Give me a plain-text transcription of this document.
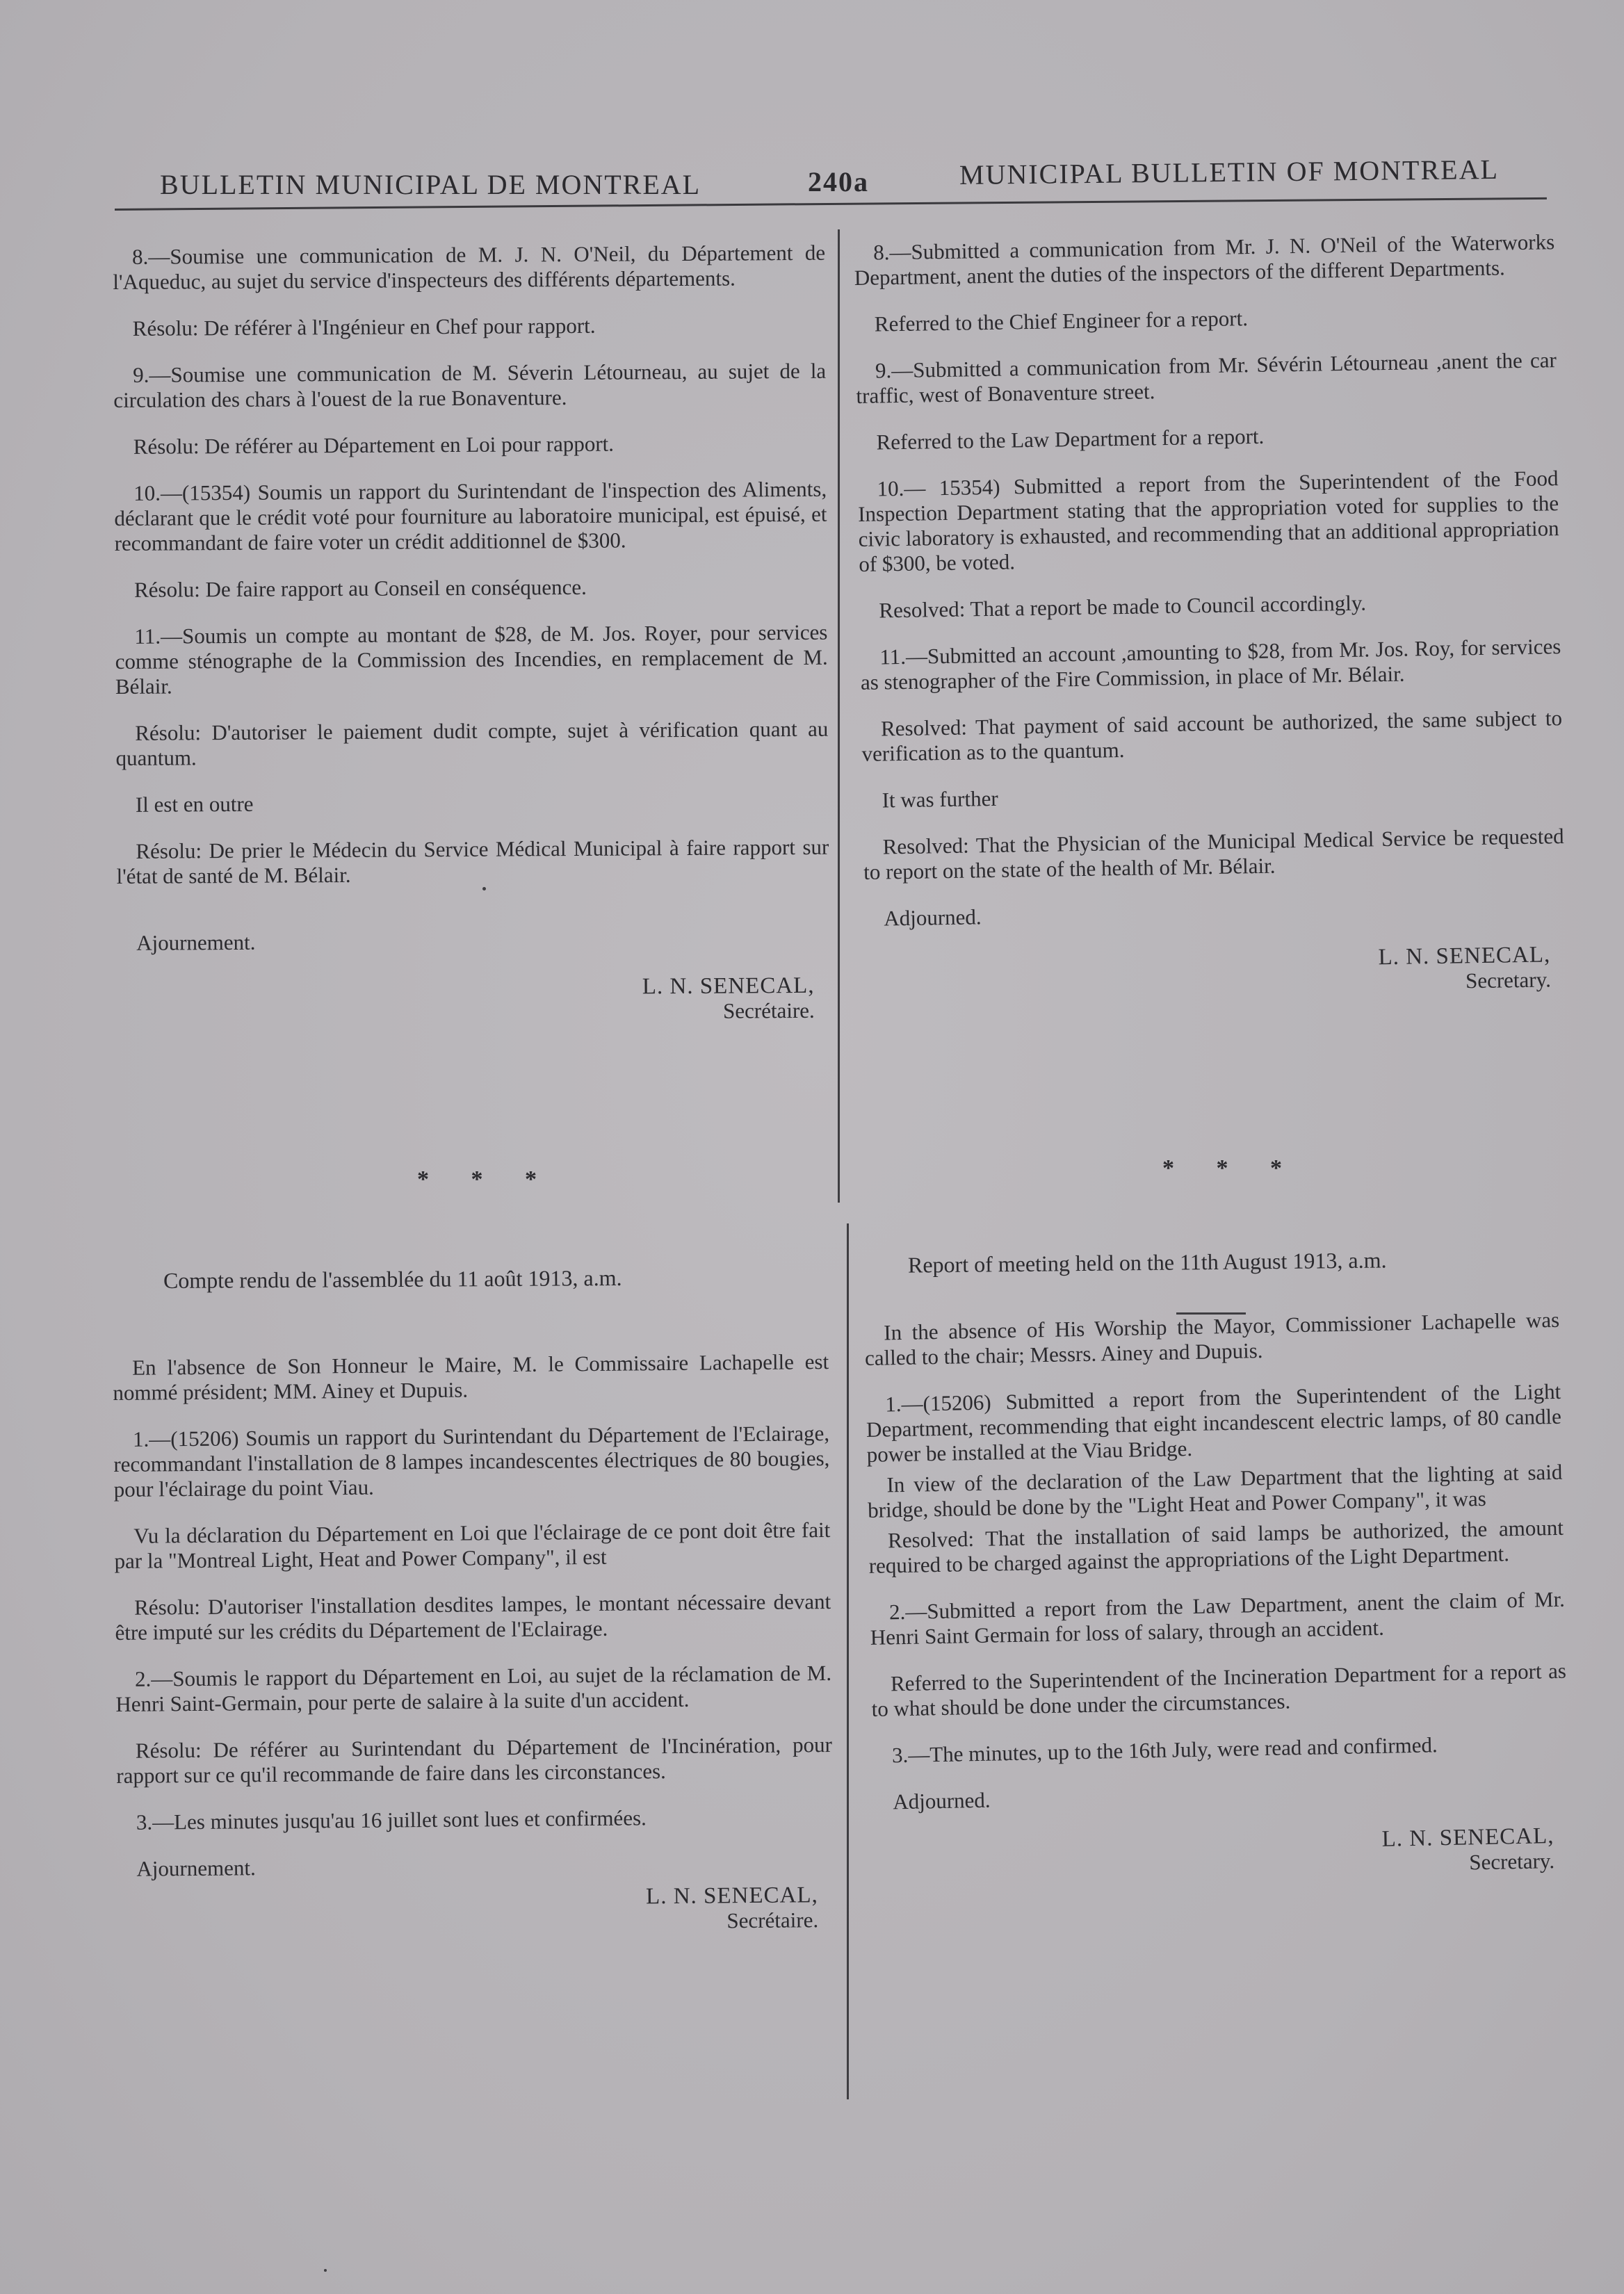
BULLETIN MUNICIPAL DE MONTREAL	240a	MUNICIPAL BULLETIN OF MONTREAL

8.—Soumise une communication de M. J. N. O'Neil, du Département de l'Aqueduc, au sujet du service d'inspecteurs des différents départements.

Résolu: De référer à l'Ingénieur en Chef pour rapport.

9.—Soumise une communication de M. Séverin Létourneau, au sujet de la circulation des chars à l'ouest de la rue Bonaventure.

Résolu: De référer au Département en Loi pour rapport.

10.—(15354) Soumis un rapport du Surintendant de l'inspection des Aliments, déclarant que le crédit voté pour fourniture au laboratoire municipal, est épuisé, et recommandant de faire voter un crédit additionnel de $300.

Résolu: De faire rapport au Conseil en conséquence.

11.—Soumis un compte au montant de $28, de M. Jos. Royer, pour services comme sténographe de la Commission des Incendies, en remplacement de M. Bélair.

Résolu: D'autoriser le paiement dudit compte, sujet à vérification quant au quantum.

Il est en outre

Résolu: De prier le Médecin du Service Médical Municipal à faire rapport sur l'état de santé de M. Bélair.

Ajournement.

L. N. SENECAL,
Secrétaire.

8.—Submitted a communication from Mr. J. N. O'Neil of the Waterworks Department, anent the duties of the inspectors of the different Departments.

Referred to the Chief Engineer for a report.

9.—Submitted a communication from Mr. Sévérin Létourneau ,anent the car traffic, west of Bonaventure street.

Referred to the Law Department for a report.

10.— 15354) Submitted a report from the Superintendent of the Food Inspection Department stating that the appropriation voted for supplies to the civic laboratory is exhausted, and recommending that an additional appropriation of $300, be voted.

Resolved: That a report be made to Council accordingly.

11.—Submitted an account ,amounting to $28, from Mr. Jos. Roy, for services as stenographer of the Fire Commission, in place of Mr. Bélair.

Resolved: That payment of said account be authorized, the same subject to verification as to the quantum.

It was further

Resolved: That the Physician of the Municipal Medical Service be requested to report on the state of the health of Mr. Bélair.

Adjourned.

L. N. SENECAL,
Secretary.
* * *	* * *
Compte rendu de l'assemblée du 11 août 1913, a.m.
Report of meeting held on the 11th August 1913, a.m.

En l'absence de Son Honneur le Maire, M. le Commissaire Lachapelle est nommé président; MM. Ainey et Dupuis.

1.—(15206) Soumis un rapport du Surintendant du Département de l'Eclairage, recommandant l'installation de 8 lampes incandescentes électriques de 80 bougies, pour l'éclairage du point Viau.

Vu la déclaration du Département en Loi que l'éclairage de ce pont doit être fait par la "Montreal Light, Heat and Power Company", il est

Résolu: D'autoriser l'installation desdites lampes, le montant nécessaire devant être imputé sur les crédits du Département de l'Eclairage.

2.—Soumis le rapport du Département en Loi, au sujet de la réclamation de M. Henri Saint-Germain, pour perte de salaire à la suite d'un accident.

Résolu: De référer au Surintendant du Département de l'Incinération, pour rapport sur ce qu'il recommande de faire dans les circonstances.

3.—Les minutes jusqu'au 16 juillet sont lues et confirmées.

Ajournement.

L. N. SENECAL,
Secrétaire.

In the absence of His Worship the Mayor, Commissioner Lachapelle was called to the chair; Messrs. Ainey and Dupuis.

1.—(15206) Submitted a report from the Superintendent of the Light Department, recommending that eight incandescent electric lamps, of 80 candle power be installed at the Viau Bridge.

In view of the declaration of the Law Department that the lighting at said bridge, should be done by the "Light Heat and Power Company", it was

Resolved: That the installation of said lamps be authorized, the amount required to be charged against the appropriations of the Light Department.

2.—Submitted a report from the Law Department, anent the claim of Mr. Henri Saint Germain for loss of salary, through an accident.

Referred to the Superintendent of the Incineration Department for a report as to what should be done under the circumstances.

3.—The minutes, up to the 16th July, were read and confirmed.

Adjourned.

L. N. SENECAL,
Secretary.
